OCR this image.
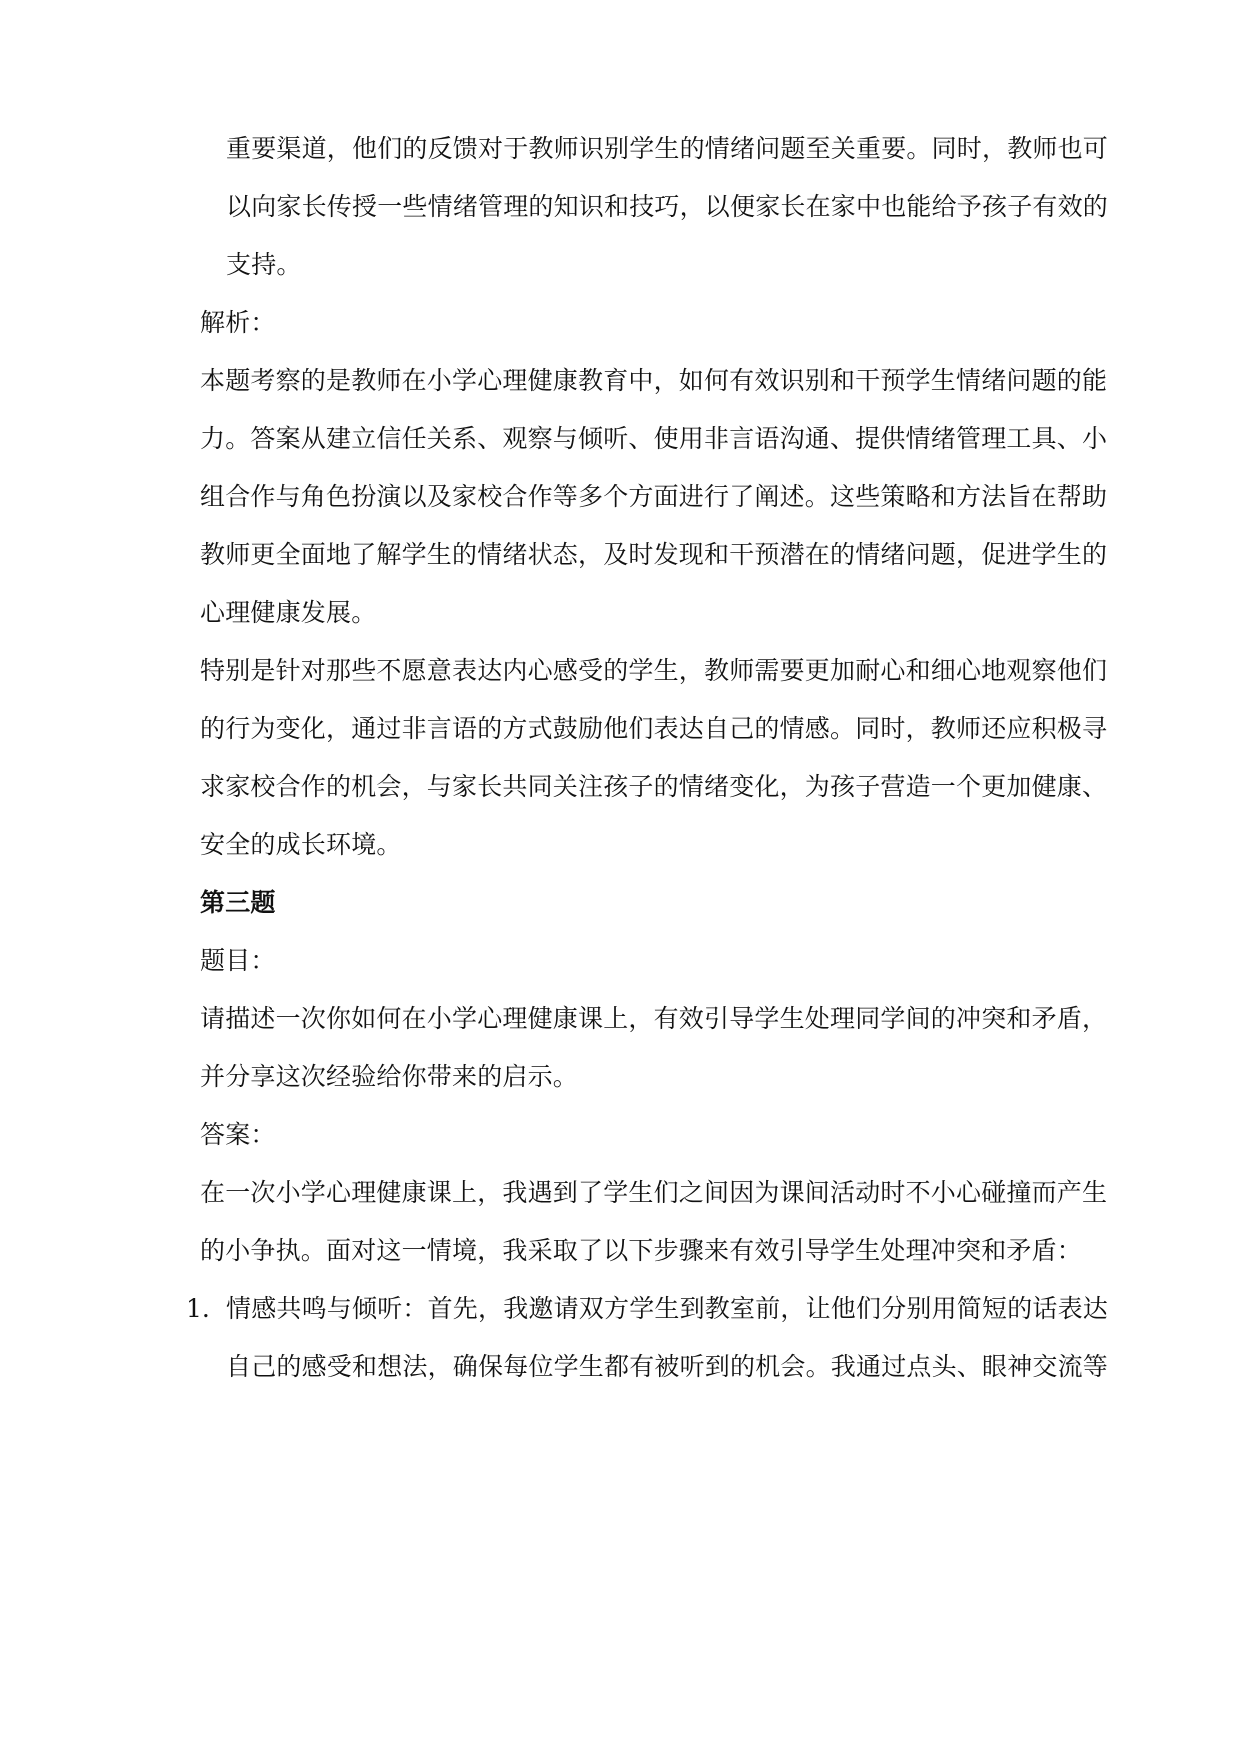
重要渠道，他们的反馈对于教师识别学生的情绪问题至关重要。同时，教师也可
以向家长传授一些情绪管理的知识和技巧，以便家长在家中也能给予孩子有效的
支持。
解析：
本题考察的是教师在小学心理健康教育中，如何有效识别和干预学生情绪问题的能
力。答案从建立信任关系、观察与倾听、使用非言语沟通、提供情绪管理工具、小
组合作与角色扮演以及家校合作等多个方面进行了阐述。这些策略和方法旨在帮助
教师更全面地了解学生的情绪状态，及时发现和干预潜在的情绪问题，促进学生的
心理健康发展。
特别是针对那些不愿意表达内心感受的学生，教师需要更加耐心和细心地观察他们
的行为变化，通过非言语的方式鼓励他们表达自己的情感。同时，教师还应积极寻
求家校合作的机会，与家长共同关注孩子的情绪变化，为孩子营造一个更加健康、
安全的成长环境。
第三题
题目：
请描述一次你如何在小学心理健康课上，有效引导学生处理同学间的冲突和矛盾，
并分享这次经验给你带来的启示。
答案：
在一次小学心理健康课上，我遇到了学生们之间因为课间活动时不小心碰撞而产生
的小争执。面对这一情境，我采取了以下步骤来有效引导学生处理冲突和矛盾：
1. 情感共鸣与倾听：首先，我邀请双方学生到教室前，让他们分别用简短的话表达
自己的感受和想法，确保每位学生都有被听到的机会。我通过点头、眼神交流等
